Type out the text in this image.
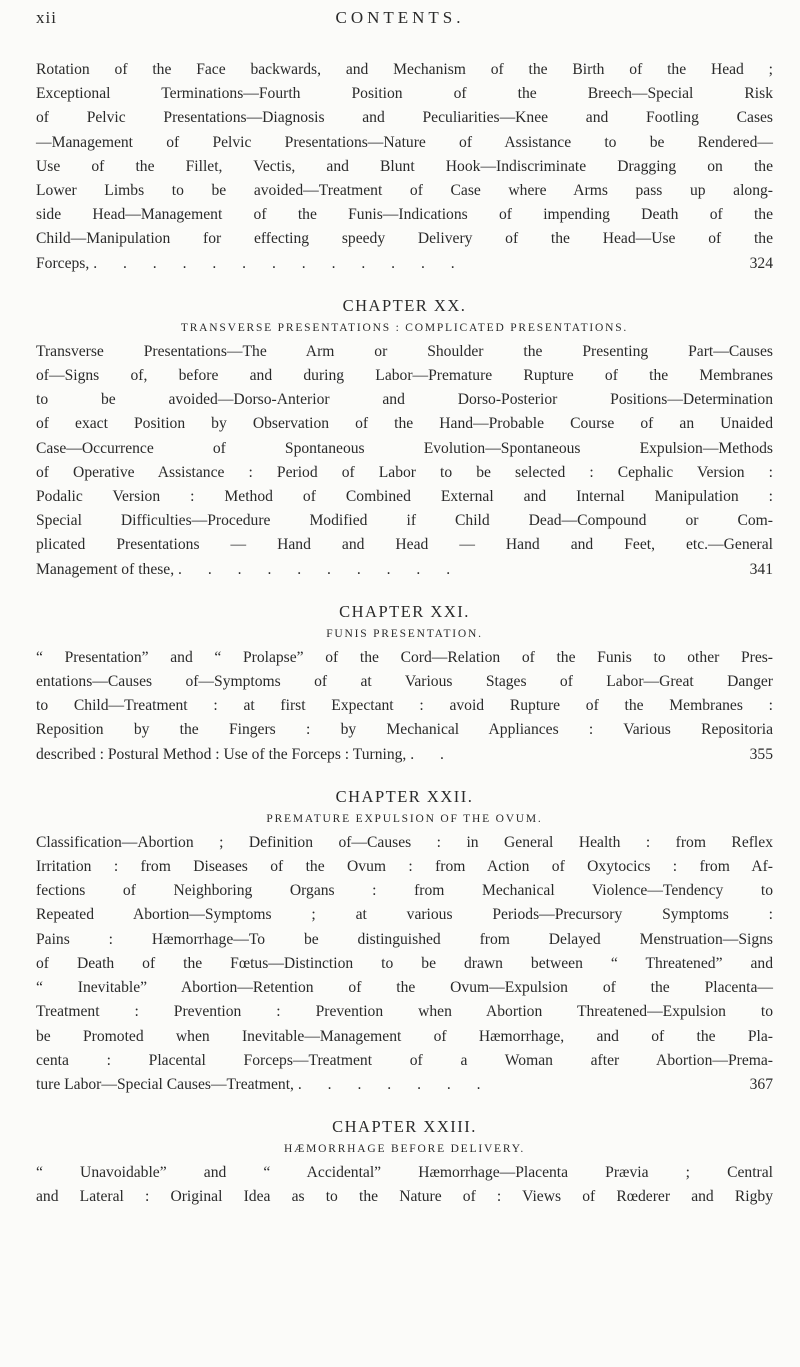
xii	CONTENTS.
Rotation of the Face backwards, and Mechanism of the Birth of the Head ;
Exceptional Terminations—Fourth Position of the Breech—Special Risk
of Pelvic Presentations—Diagnosis and Peculiarities—Knee and Footling Cases
—Management of Pelvic Presentations—Nature of Assistance to be Rendered—
Use of the Fillet, Vectis, and Blunt Hook—Indiscriminate Dragging on the
Lower Limbs to be avoided—Treatment of Case where Arms pass up along-
side Head—Management of the Funis—Indications of impending Death of the
Child—Manipulation for effecting speedy Delivery of the Head—Use of the
Forceps, . . . . . . . . . . . . .	324
CHAPTER XX.
TRANSVERSE PRESENTATIONS : COMPLICATED PRESENTATIONS.
Transverse Presentations—The Arm or Shoulder the Presenting Part—Causes
of—Signs of, before and during Labor—Premature Rupture of the Membranes
to be avoided—Dorso-Anterior and Dorso-Posterior Positions—Determination
of exact Position by Observation of the Hand—Probable Course of an Unaided
Case—Occurrence of Spontaneous Evolution—Spontaneous Expulsion—Methods
of Operative Assistance : Period of Labor to be selected : Cephalic Version :
Podalic Version : Method of Combined External and Internal Manipulation :
Special Difficulties—Procedure Modified if Child Dead—Compound or Com-
plicated Presentations — Hand and Head — Hand and Feet, etc.—General
Management of these, . . . . . . . . . .	341
CHAPTER XXI.
FUNIS PRESENTATION.
“ Presentation” and “ Prolapse” of the Cord—Relation of the Funis to other Pres-
entations—Causes of—Symptoms of at Various Stages of Labor—Great Danger
to Child—Treatment : at first Expectant : avoid Rupture of the Membranes :
Reposition by the Fingers : by Mechanical Appliances : Various Repositoria
described : Postural Method : Use of the Forceps : Turning, . .	355
CHAPTER XXII.
PREMATURE EXPULSION OF THE OVUM.
Classification—Abortion ; Definition of—Causes : in General Health : from Reflex
Irritation : from Diseases of the Ovum : from Action of Oxytocics : from Af-
fections of Neighboring Organs : from Mechanical Violence—Tendency to
Repeated Abortion—Symptoms ; at various Periods—Precursory Symptoms :
Pains : Hæmorrhage—To be distinguished from Delayed Menstruation—Signs
of Death of the Fœtus—Distinction to be drawn between “ Threatened” and
“ Inevitable” Abortion—Retention of the Ovum—Expulsion of the Placenta—
Treatment : Prevention : Prevention when Abortion Threatened—Expulsion to
be Promoted when Inevitable—Management of Hæmorrhage, and of the Pla-
centa : Placental Forceps—Treatment of a Woman after Abortion—Prema-
ture Labor—Special Causes—Treatment, . . . . . . .	367
CHAPTER XXIII.
HÆMORRHAGE BEFORE DELIVERY.
“ Unavoidable” and “ Accidental” Hæmorrhage—Placenta Prævia ; Central
and Lateral : Original Idea as to the Nature of : Views of Rœderer and Rigby
